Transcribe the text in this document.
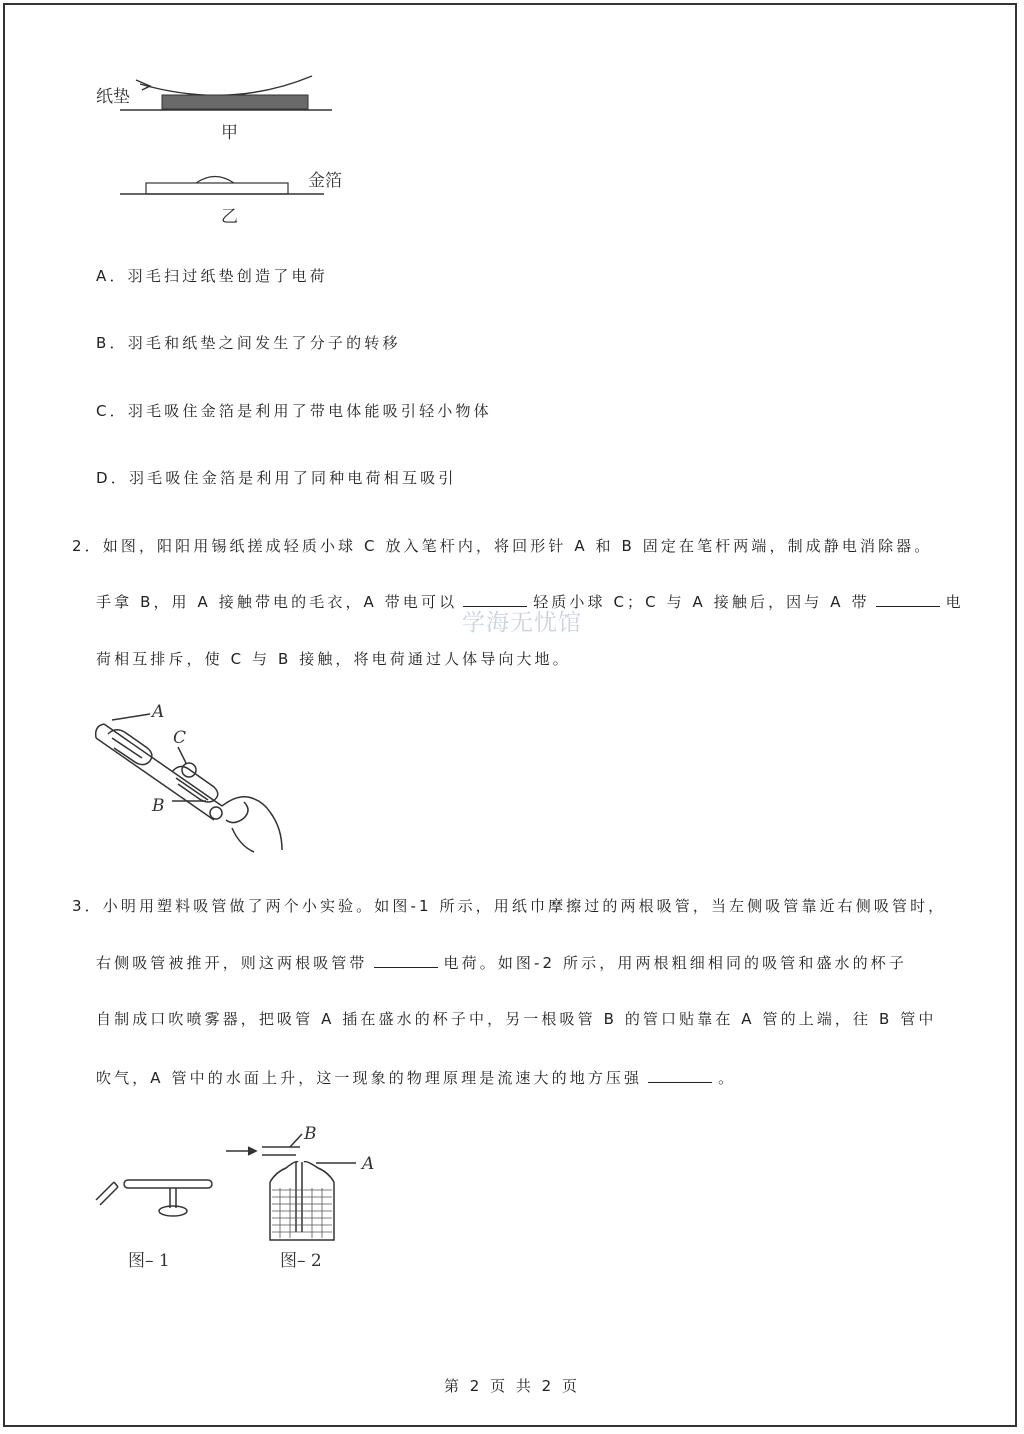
纸垫
甲
金箔
乙
A．羽毛扫过纸垫创造了电荷
B．羽毛和纸垫之间发生了分子的转移
C．羽毛吸住金箔是利用了带电体能吸引轻小物体
D．羽毛吸住金箔是利用了同种电荷相互吸引
2．如图，阳阳用锡纸搓成轻质小球 C 放入笔杆内，将回形针 A 和 B 固定在笔杆两端，制成静电消除器。
手拿 B，用 A 接触带电的毛衣，A 带电可以	轻质小球 C；C 与 A 接触后，因与 A 带	电
荷相互排斥，使 C 与 B 接触，将电荷通过人体导向大地。
学海无忧馆
A
C
B
3．小明用塑料吸管做了两个小实验。如图-1 所示，用纸巾摩擦过的两根吸管，当左侧吸管靠近右侧吸管时，
右侧吸管被推开，则这两根吸管带	电荷。如图-2 所示，用两根粗细相同的吸管和盛水的杯子
自制成口吹喷雾器，把吸管 A 插在盛水的杯子中，另一根吸管 B 的管口贴靠在 A 管的上端，往 B 管中
吹气，A 管中的水面上升，这一现象的物理原理是流速大的地方压强	。
B
A
图– 1	图– 2
第 2 页 共 2 页
